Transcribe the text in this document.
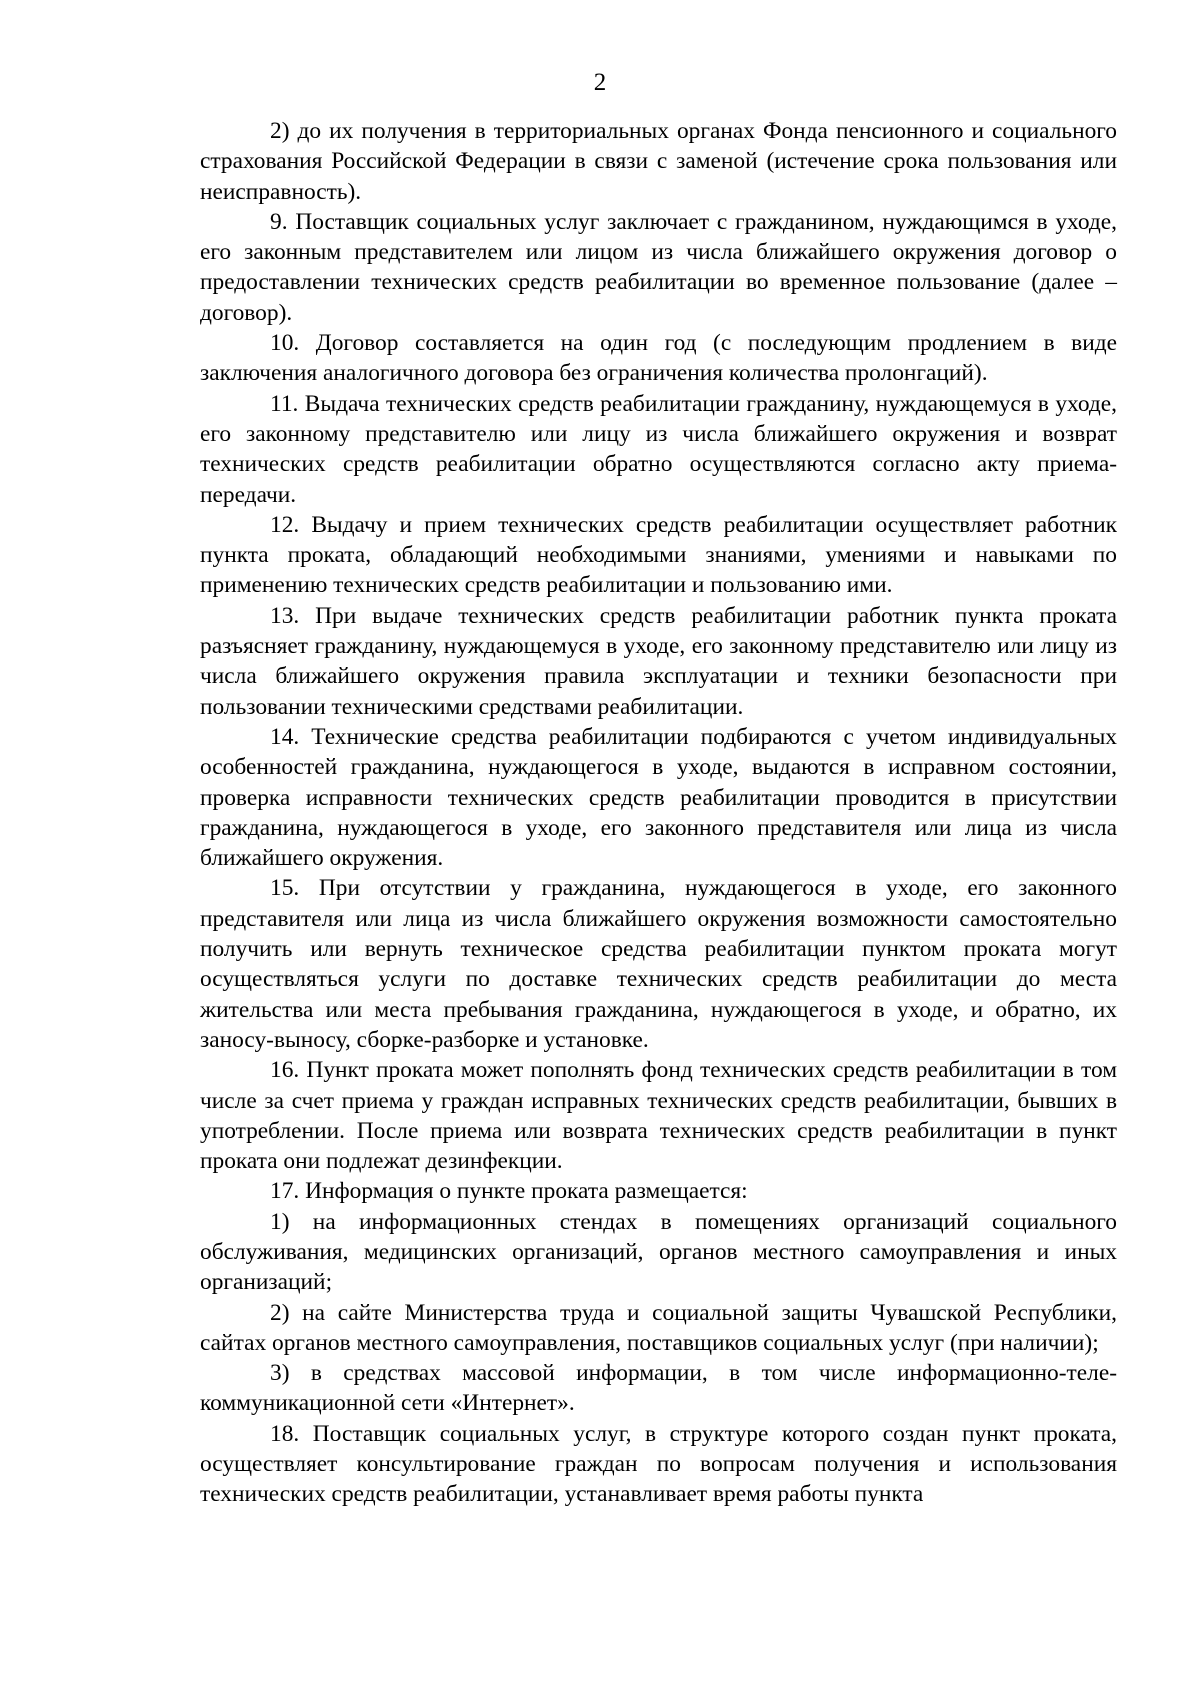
2

2) до их получения в территориальных органах Фонда пенсионного и социального страхования Российской Федерации в связи с заменой (истечение срока пользования или неисправность).

9. Поставщик социальных услуг заключает с гражданином, нуждающимся в уходе, его законным представителем или лицом из числа ближайшего окружения договор о предоставлении технических средств реабилитации во временное пользование (далее – договор).

10. Договор составляется на один год (с последующим продлением в виде заключения аналогичного договора без ограничения количества пролонгаций).

11. Выдача технических средств реабилитации гражданину, нуждающемуся в уходе, его законному представителю или лицу из числа ближайшего окружения и возврат технических средств реабилитации обратно осуществляются согласно акту приема-передачи.

12. Выдачу и прием технических средств реабилитации осуществляет работник пункта проката, обладающий необходимыми знаниями, умениями и навыками по применению технических средств реабилитации и пользованию ими.

13. При выдаче технических средств реабилитации работник пункта проката разъясняет гражданину, нуждающемуся в уходе, его законному представителю или лицу из числа ближайшего окружения правила эксплуатации и техники безопасности при пользовании техническими средствами реабилитации.

14. Технические средства реабилитации подбираются с учетом индивидуальных особенностей гражданина, нуждающегося в уходе, выдаются в исправном состоянии, проверка исправности технических средств реабилитации проводится в присутствии гражданина, нуждающегося в уходе, его законного представителя или лица из числа ближайшего окружения.

15. При отсутствии у гражданина, нуждающегося в уходе, его законного представителя или лица из числа ближайшего окружения возможности самостоятельно получить или вернуть техническое средства реабилитации пунктом проката могут осуществляться услуги по доставке технических средств реабилитации до места жительства или места пребывания гражданина, нуждающегося в уходе, и обратно, их заносу-выносу, сборке-разборке и установке.

16. Пункт проката может пополнять фонд технических средств реабилитации в том числе за счет приема у граждан исправных технических средств реабилитации, бывших в употреблении. После приема или возврата технических средств реабилитации в пункт проката они подлежат дезинфекции.

17. Информация о пункте проката размещается:

1) на информационных стендах в помещениях организаций социального обслуживания, медицинских организаций, органов местного самоуправления и иных организаций;

2) на сайте Министерства труда и социальной защиты Чувашской Республики, сайтах органов местного самоуправления, поставщиков социальных услуг (при наличии);

3) в средствах массовой информации, в том числе информационно-телекоммуникационной сети «Интернет».

18. Поставщик социальных услуг, в структуре которого создан пункт проката, осуществляет консультирование граждан по вопросам получения и использования технических средств реабилитации, устанавливает время работы пункта
